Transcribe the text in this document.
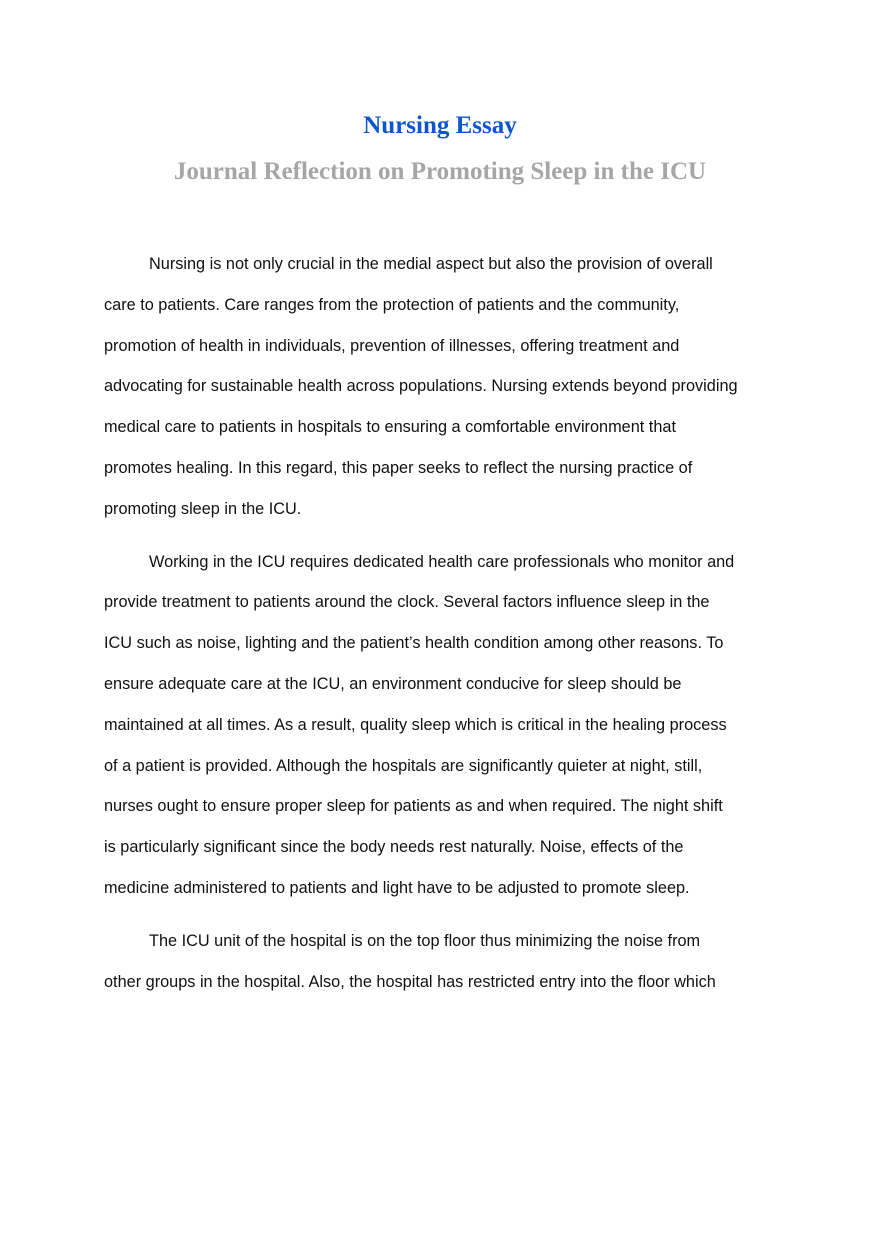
Nursing Essay
Journal Reflection on Promoting Sleep in the ICU
Nursing is not only crucial in the medial aspect but also the provision of overall
care to patients. Care ranges from the protection of patients and the community,
promotion of health in individuals, prevention of illnesses, offering treatment and
advocating for sustainable health across populations. Nursing extends beyond providing
medical care to patients in hospitals to ensuring a comfortable environment that
promotes healing. In this regard, this paper seeks to reflect the nursing practice of
promoting sleep in the ICU.
Working in the ICU requires dedicated health care professionals who monitor and
provide treatment to patients around the clock. Several factors influence sleep in the
ICU such as noise, lighting and the patient’s health condition among other reasons. To
ensure adequate care at the ICU, an environment conducive for sleep should be
maintained at all times. As a result, quality sleep which is critical in the healing process
of a patient is provided. Although the hospitals are significantly quieter at night, still,
nurses ought to ensure proper sleep for patients as and when required. The night shift
is particularly significant since the body needs rest naturally. Noise, effects of the
medicine administered to patients and light have to be adjusted to promote sleep.
The ICU unit of the hospital is on the top floor thus minimizing the noise from
other groups in the hospital. Also, the hospital has restricted entry into the floor which
